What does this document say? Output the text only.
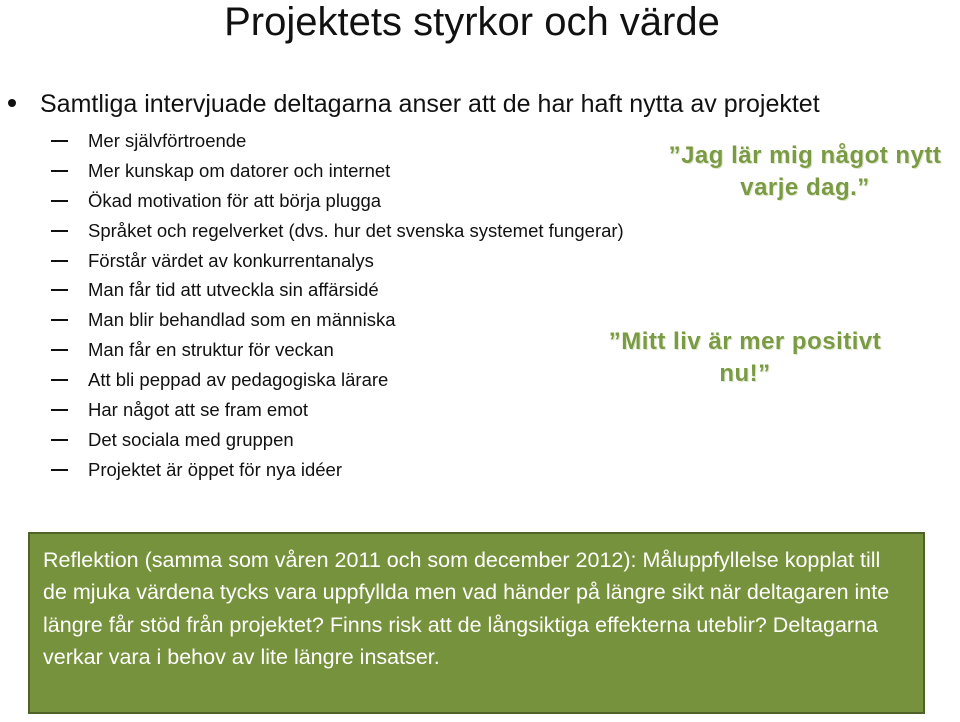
Projektets styrkor och värde
Samtliga intervjuade deltagarna anser att de har haft nytta av projektet
Mer självförtroende
Mer kunskap om datorer och internet
Ökad motivation för att börja plugga
Språket och regelverket (dvs. hur det svenska systemet fungerar)
Förstår värdet av konkurrentanalys
Man får tid att utveckla sin affärsidé
Man blir behandlad som en människa
Man får en struktur för veckan
Att bli peppad av pedagogiska lärare
Har något att se fram emot
Det sociala med gruppen
Projektet är öppet för nya idéer
”Jag lär mig något nytt varje dag.”
”Mitt liv är mer positivt nu!”
Reflektion (samma som våren 2011 och som december 2012): Måluppfyllelse kopplat till de mjuka värdena tycks vara uppfyllda men vad händer på längre sikt när deltagaren inte längre får stöd från projektet? Finns risk att de långsiktiga effekterna uteblir? Deltagarna verkar vara i behov av lite längre insatser.
